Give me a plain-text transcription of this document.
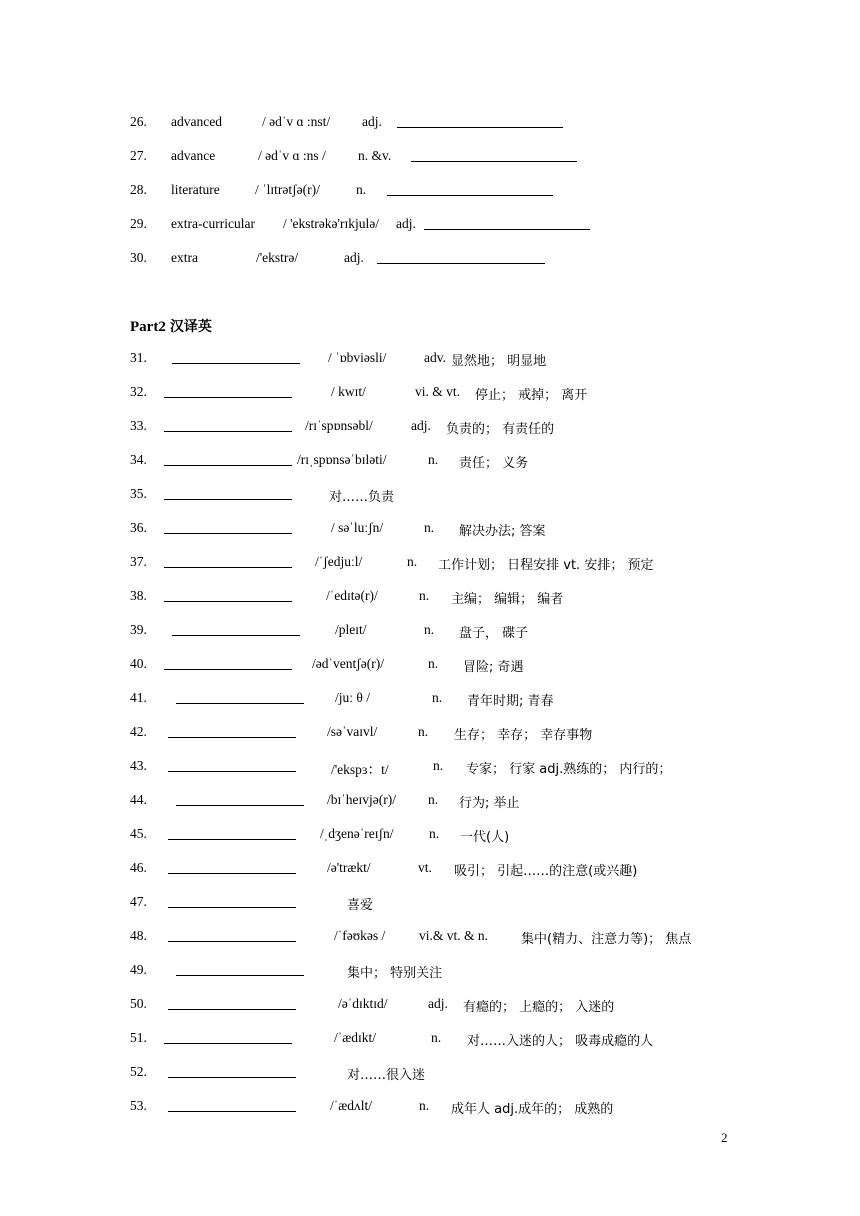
26. advanced	/ ədˈv ɑ :nst/ adj.
27. advance	/ ədˈv ɑ :ns / n. &v.
28. literature	/ ˈlɪtrətʃə(r)/	n.
29. extra-curricular / 'ekstrəkə'rɪkjulə/ adj.
30. extra	/'ekstrə/	adj.
Part2 汉译英
31.	/ ˈɒbviəsli/	adv. 显然地； 明显地
32.	/ kwɪt/	vi. & vt. 停止； 戒掉； 离开
33.	/rɪˈspɒnsəbl/	adj. 负责的； 有责任的
34.	/rɪˌspɒnsəˈbɪləti/	n. 责任； 义务
35.	对……负责
36.	/ səˈluːʃn/	n. 解决办法; 答案
37.	/ˈʃedjuːl/	n. 工作计划； 日程安排 vt. 安排； 预定
38.	/ˈedɪtə(r)/	n. 主编； 编辑； 编者
39.	/pleɪt/	n. 盘子， 碟子
40.	/ədˈventʃə(r)/	n. 冒险; 奇遇
41.	/juː θ /	n. 青年时期; 青春
42.	/səˈvaɪvl/	n. 生存； 幸存； 幸存事物
43.	/'ekspɜ：t/	n. 专家； 行家 adj.熟练的； 内行的；
44.	/bɪˈheɪvjə(r)/ n. 行为; 举止
45.	/ˌdʒenəˈreɪʃn/	n. 一代(人)
46.	/ə'trækt/	vt. 吸引； 引起……的注意(或兴趣)
47.	喜爱
48.	/ˈfəʊkəs / vi.& vt. & n.	集中(精力、注意力等)； 焦点
49.	集中； 特别关注
50.	/əˈdɪktɪd/	adj. 有瘾的； 上瘾的； 入迷的
51.	/ˈædɪkt/	n. 对……入迷的人； 吸毒成瘾的人
52.	对……很入迷
53.	/ˈædʌlt/	n. 成年人 adj.成年的； 成熟的
2
